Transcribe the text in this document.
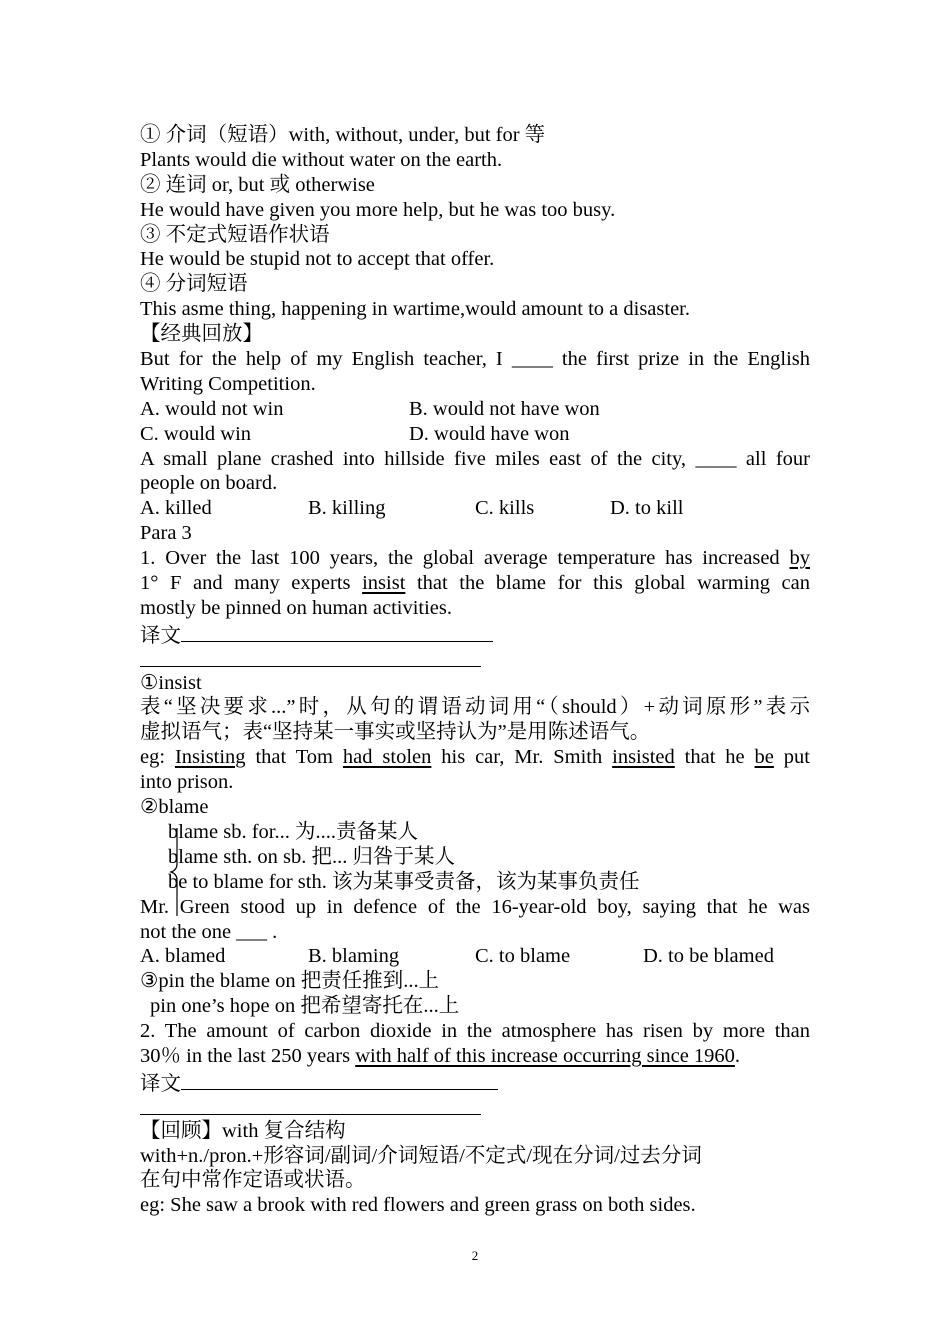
① 介词（短语）with, without, under, but for 等
Plants would die without water on the earth.
② 连词 or, but 或 otherwise
He would have given you more help, but he was too busy.
③ 不定式短语作状语
He would be stupid not to accept that offer.
④ 分词短语
This asme thing, happening in wartime,would amount to a disaster.
【经典回放】
But for the help of my English teacher, I ____ the first prize in the English
Writing Competition.
A. would not win	B. would not have won
C. would win	D. would have won
A small plane crashed into hillside five miles east of the city, ____ all four
people on board.
A. killed	B. killing	C. kills	D. to kill
Para 3
1. Over the last 100 years, the global average temperature has increased by
1° F and many experts insist that the blame for this global warming can
mostly be pinned on human activities.
译文
①insist
表“坚决要求...”时，从句的谓语动词用“（should）+动词原形”表示
虚拟语气；表“坚持某一事实或坚持认为”是用陈述语气。
eg: Insisting that Tom had stolen his car, Mr. Smith insisted that he be put
into prison.
②blame
blame sb. for... 为....责备某人
blame sth. on sb. 把... 归咎于某人
be to blame for sth. 该为某事受责备，该为某事负责任
Mr. Green stood up in defence of the 16-year-old boy, saying that he was
not the one ___ .
A. blamed	B. blaming	C. to blame	D. to be blamed
③pin the blame on 把责任推到...上
pin one’s hope on 把希望寄托在...上
2. The amount of carbon dioxide in the atmosphere has risen by more than
30％ in the last 250 years with half of this increase occurring since 1960.
译文
【回顾】with 复合结构
with+n./pron.+形容词/副词/介词短语/不定式/现在分词/过去分词
在句中常作定语或状语。
eg: She saw a brook with red flowers and green grass on both sides.
2
